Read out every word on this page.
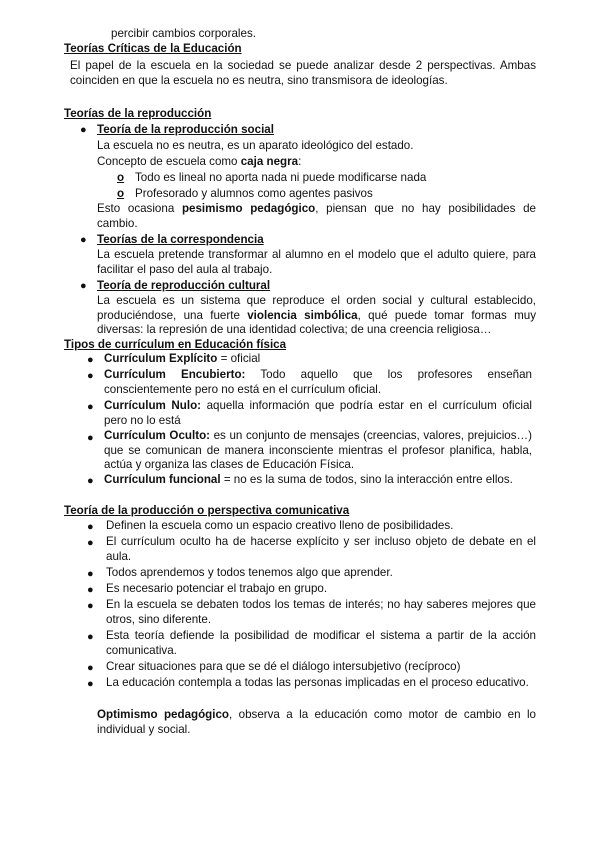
percibir cambios corporales.
Teorías Críticas de la Educación
El papel de la escuela en la sociedad se puede analizar desde 2 perspectivas. Ambas coinciden en que la escuela no es neutra, sino transmisora de ideologías.
Teorías de la reproducción
● Teoría de la reproducción social
La escuela no es neutra, es un aparato ideológico del estado.
Concepto de escuela como caja negra:
o Todo es lineal no aporta nada ni puede modificarse nada
o Profesorado y alumnos como agentes pasivos
Esto ocasiona pesimismo pedagógico, piensan que no hay posibilidades de cambio.
● Teorías de la correspondencia
La escuela pretende transformar al alumno en el modelo que el adulto quiere, para facilitar el paso del aula al trabajo.
● Teoría de reproducción cultural
La escuela es un sistema que reproduce el orden social y cultural establecido, produciéndose, una fuerte violencia simbólica, qué puede tomar formas muy diversas: la represión de una identidad colectiva; de una creencia religiosa…
Tipos de currículum en Educación física
● Currículum Explícito = oficial
● Currículum Encubierto: Todo aquello que los profesores enseñan conscientemente pero no está en el currículum oficial.
● Currículum Nulo: aquella información que podría estar en el currículum oficial pero no lo está
● Currículum Oculto: es un conjunto de mensajes (creencias, valores, prejuicios…) que se comunican de manera inconsciente mientras el profesor planifica, habla, actúa y organiza las clases de Educación Física.
● Currículum funcional = no es la suma de todos, sino la interacción entre ellos.
Teoría de la producción o perspectiva comunicativa
● Definen la escuela como un espacio creativo lleno de posibilidades.
● El currículum oculto ha de hacerse explícito y ser incluso objeto de debate en el aula.
● Todos aprendemos y todos tenemos algo que aprender.
● Es necesario potenciar el trabajo en grupo.
● En la escuela se debaten todos los temas de interés; no hay saberes mejores que otros, sino diferente.
● Esta teoría defiende la posibilidad de modificar el sistema a partir de la acción comunicativa.
● Crear situaciones para que se dé el diálogo intersubjetivo (recíproco)
● La educación contempla a todas las personas implicadas en el proceso educativo.
Optimismo pedagógico, observa a la educación como motor de cambio en lo individual y social.
